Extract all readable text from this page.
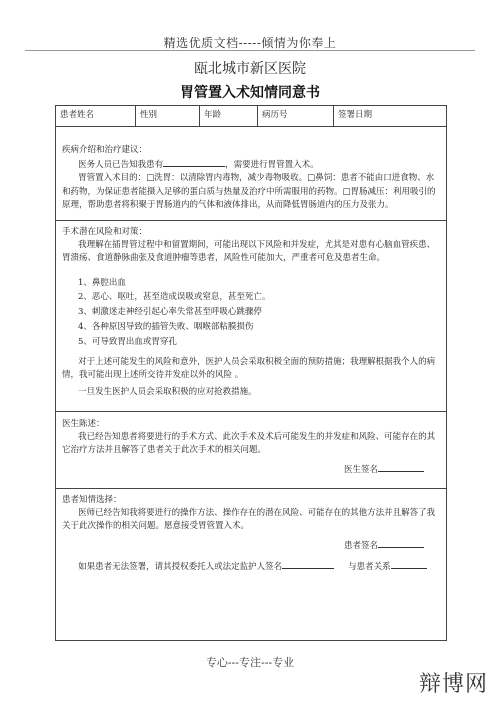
精选优质文档-----倾情为你奉上
瓯北城市新区医院
胃管置入术知情同意书
患者姓名	性别	年龄	病历号	签署日期
疾病介绍和治疗建议：

医务人员已告知我患有	，需要进行胃管置入术。

胃管置入术目的：□洗胃：以清除胃内毒物，减少毒物吸收。□鼻饲：患者不能由口进食物、水和药物，为保证患者能摄入足够的蛋白质与热量及治疗中所需服用的药物。□胃肠减压：利用吸引的原理，帮助患者将积聚于胃肠道内的气体和液体排出，从而降低胃肠道内的压力及张力。

手术潜在风险和对策：

我理解在插胃管过程中和留置期间，可能出现以下风险和并发症，尤其是对患有心脑血管疾患、胃溃疡、食道静脉曲张及食道肿瘤等患者，风险性可能加大，严重者可危及患者生命。

1、鼻腔出血

2、恶心、呕吐，甚至造成误吸或窒息，甚至死亡。

3、刺激迷走神经引起心率失常甚至呼吸心跳骤停

4、各种原因导致的插管失败、咽喉部粘膜损伤

5、可导致胃出血或胃穿孔

对于上述可能发生的风险和意外，医护人员会采取积极全面的预防措施；我理解根据我个人的病情，我可能出现上述所交待并发症以外的风险 。

一旦发生医护人员会采取积极的应对抢救措施。

医生陈述：

我已经告知患者将要进行的手术方式、此次手术及术后可能发生的并发症和风险、可能存在的其它治疗方法并且解答了患者关于此次手术的相关问题。

医生签名
患者知情选择：

医师已经告知我将要进行的操作方法、操作存在的潜在风险、可能存在的其他方法并且解答了我关于此次操作的相关问题。愿意接受胃管置入术。

患者签名

如果患者无法签署，请其授权委托人或法定监护人签名	与患者关系

专心---专注---专业
辩博网
